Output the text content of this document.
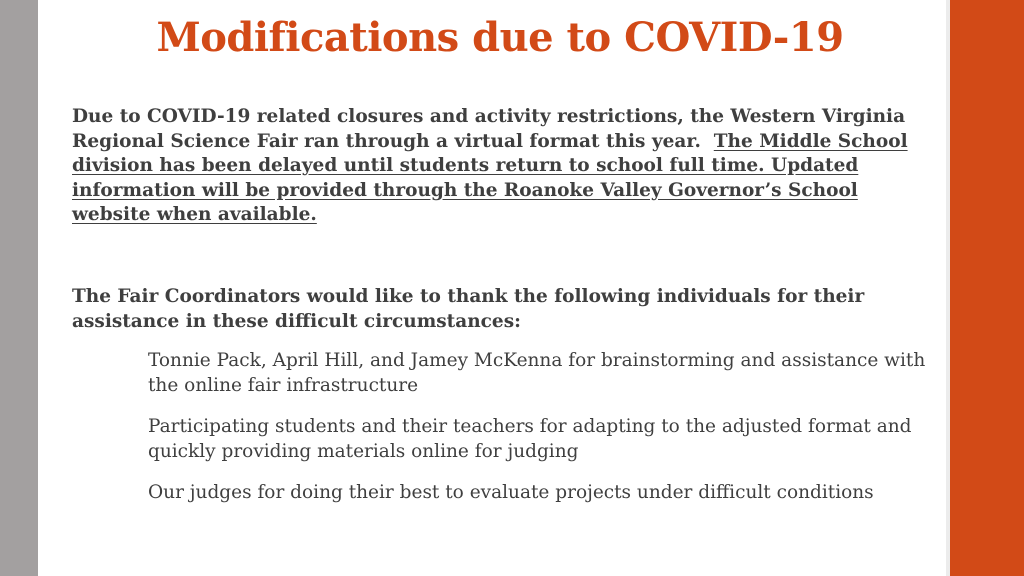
Modifications due to COVID-19

Due to COVID-19 related closures and activity restrictions, the Western Virginia Regional Science Fair ran through a virtual format this year.  The Middle School division has been delayed until students return to school full time. Updated information will be provided through the Roanoke Valley Governor’s School website when available.

The Fair Coordinators would like to thank the following individuals for their assistance in these difficult circumstances:

Tonnie Pack, April Hill, and Jamey McKenna for brainstorming and assistance with the online fair infrastructure
Participating students and their teachers for adapting to the adjusted format and quickly providing materials online for judging
Our judges for doing their best to evaluate projects under difficult conditions
